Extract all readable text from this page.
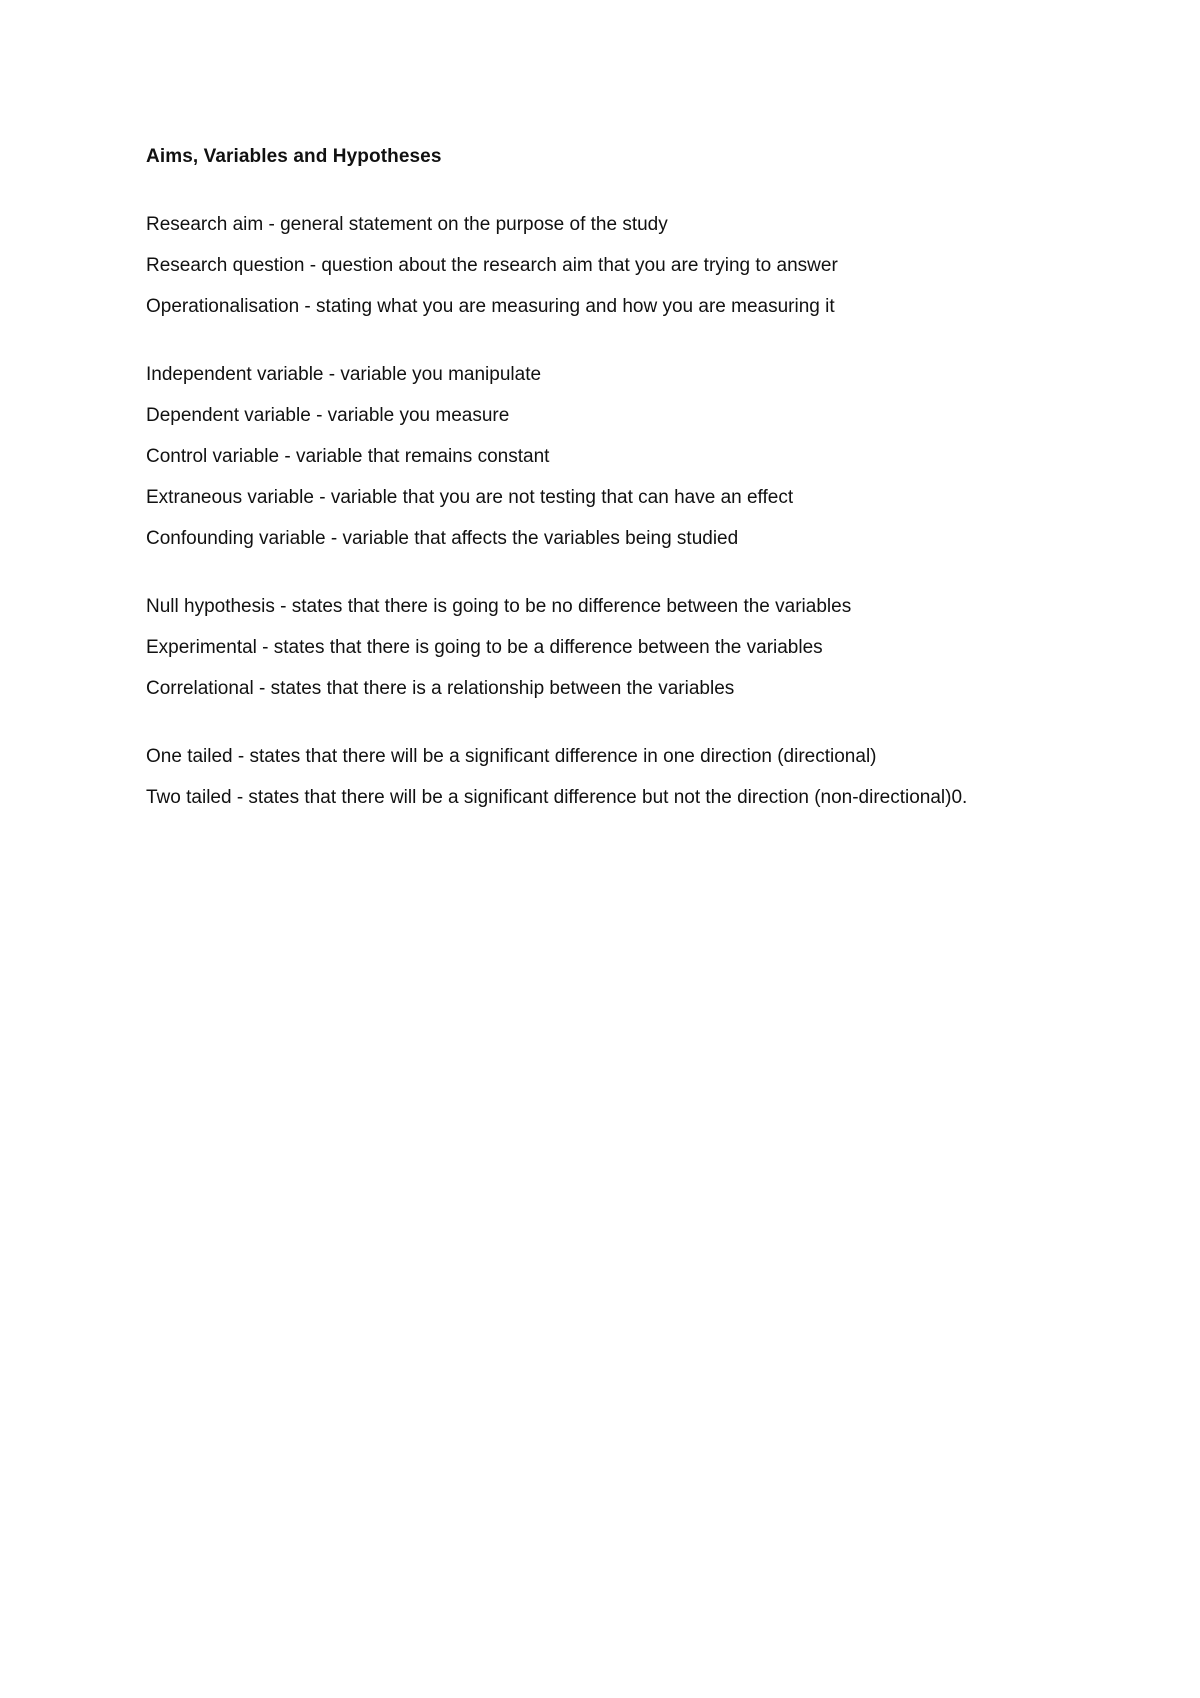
Aims, Variables and Hypotheses
Research aim - general statement on the purpose of the study
Research question - question about the research aim that you are trying to answer
Operationalisation - stating what you are measuring and how you are measuring it
Independent variable - variable you manipulate
Dependent variable - variable you measure
Control variable - variable that remains constant
Extraneous variable - variable that you are not testing that can have an effect
Confounding variable - variable that affects the variables being studied
Null hypothesis - states that there is going to be no difference between the variables
Experimental - states that there is going to be a difference between the variables
Correlational - states that there is a relationship between the variables
One tailed - states that there will be a significant difference in one direction (directional)
Two tailed - states that there will be a significant difference but not the direction (non-directional)0.
